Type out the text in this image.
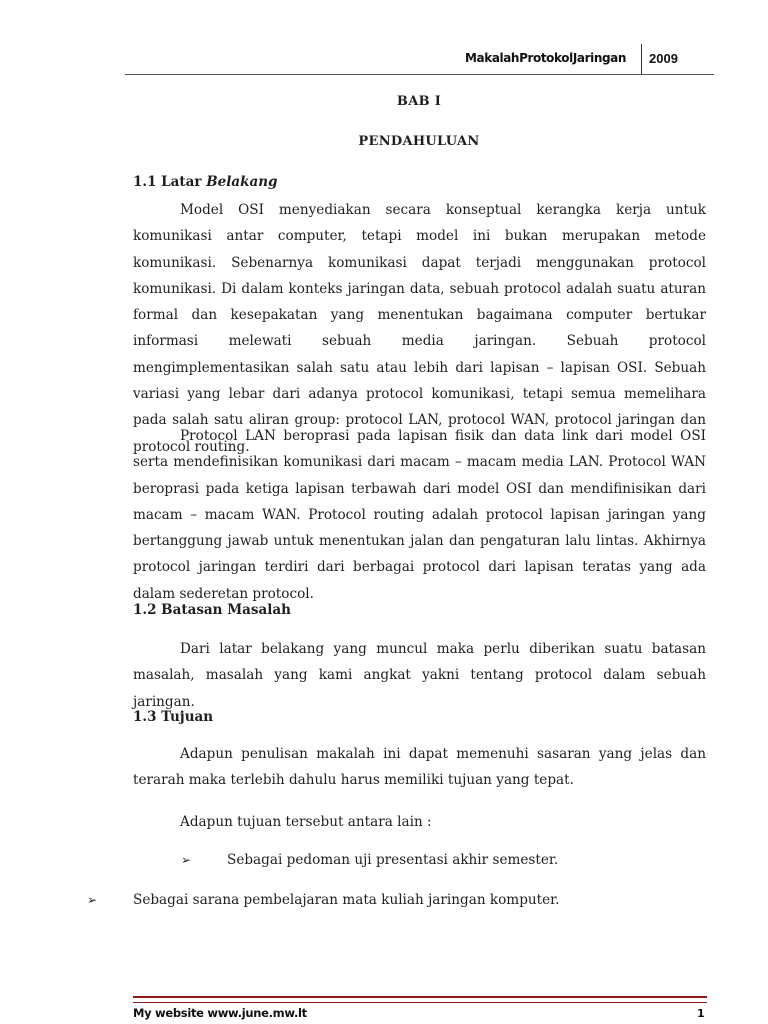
MakalahProtokolJaringan 2009

BAB I

PENDAHULUAN

1.1 Latar Belakang

Model OSI menyediakan secara konseptual kerangka kerja untuk komunikasi antar computer, tetapi model ini bukan merupakan metode komunikasi. Sebenarnya komunikasi dapat terjadi menggunakan protocol komunikasi. Di dalam konteks jaringan data, sebuah protocol adalah suatu aturan formal dan kesepakatan yang menentukan bagaimana computer bertukar informasi melewati sebuah media jaringan. Sebuah protocol mengimplementasikan salah satu atau lebih dari lapisan – lapisan OSI. Sebuah variasi yang lebar dari adanya protocol komunikasi, tetapi semua memelihara pada salah satu aliran group: protocol LAN, protocol WAN, protocol jaringan dan protocol routing.

Protocol LAN beroprasi pada lapisan fisik dan data link dari model OSI serta mendefinisikan komunikasi dari macam – macam media LAN. Protocol WAN beroprasi pada ketiga lapisan terbawah dari model OSI dan mendifinisikan dari macam – macam WAN. Protocol routing adalah protocol lapisan jaringan yang bertanggung jawab untuk menentukan jalan dan pengaturan lalu lintas. Akhirnya protocol jaringan terdiri dari berbagai protocol dari lapisan teratas yang ada dalam sederetan protocol.

1.2 Batasan Masalah

Dari latar belakang yang muncul maka perlu diberikan suatu batasan masalah, masalah yang kami angkat yakni tentang protocol dalam sebuah jaringan.

1.3 Tujuan

Adapun penulisan makalah ini dapat memenuhi sasaran yang jelas dan terarah maka terlebih dahulu harus memiliki tujuan yang tepat.

Adapun tujuan tersebut antara lain :

➢	Sebagai pedoman uji presentasi akhir semester.

➢	Sebagai sarana pembelajaran mata kuliah jaringan komputer.

My website www.june.mw.lt	1
